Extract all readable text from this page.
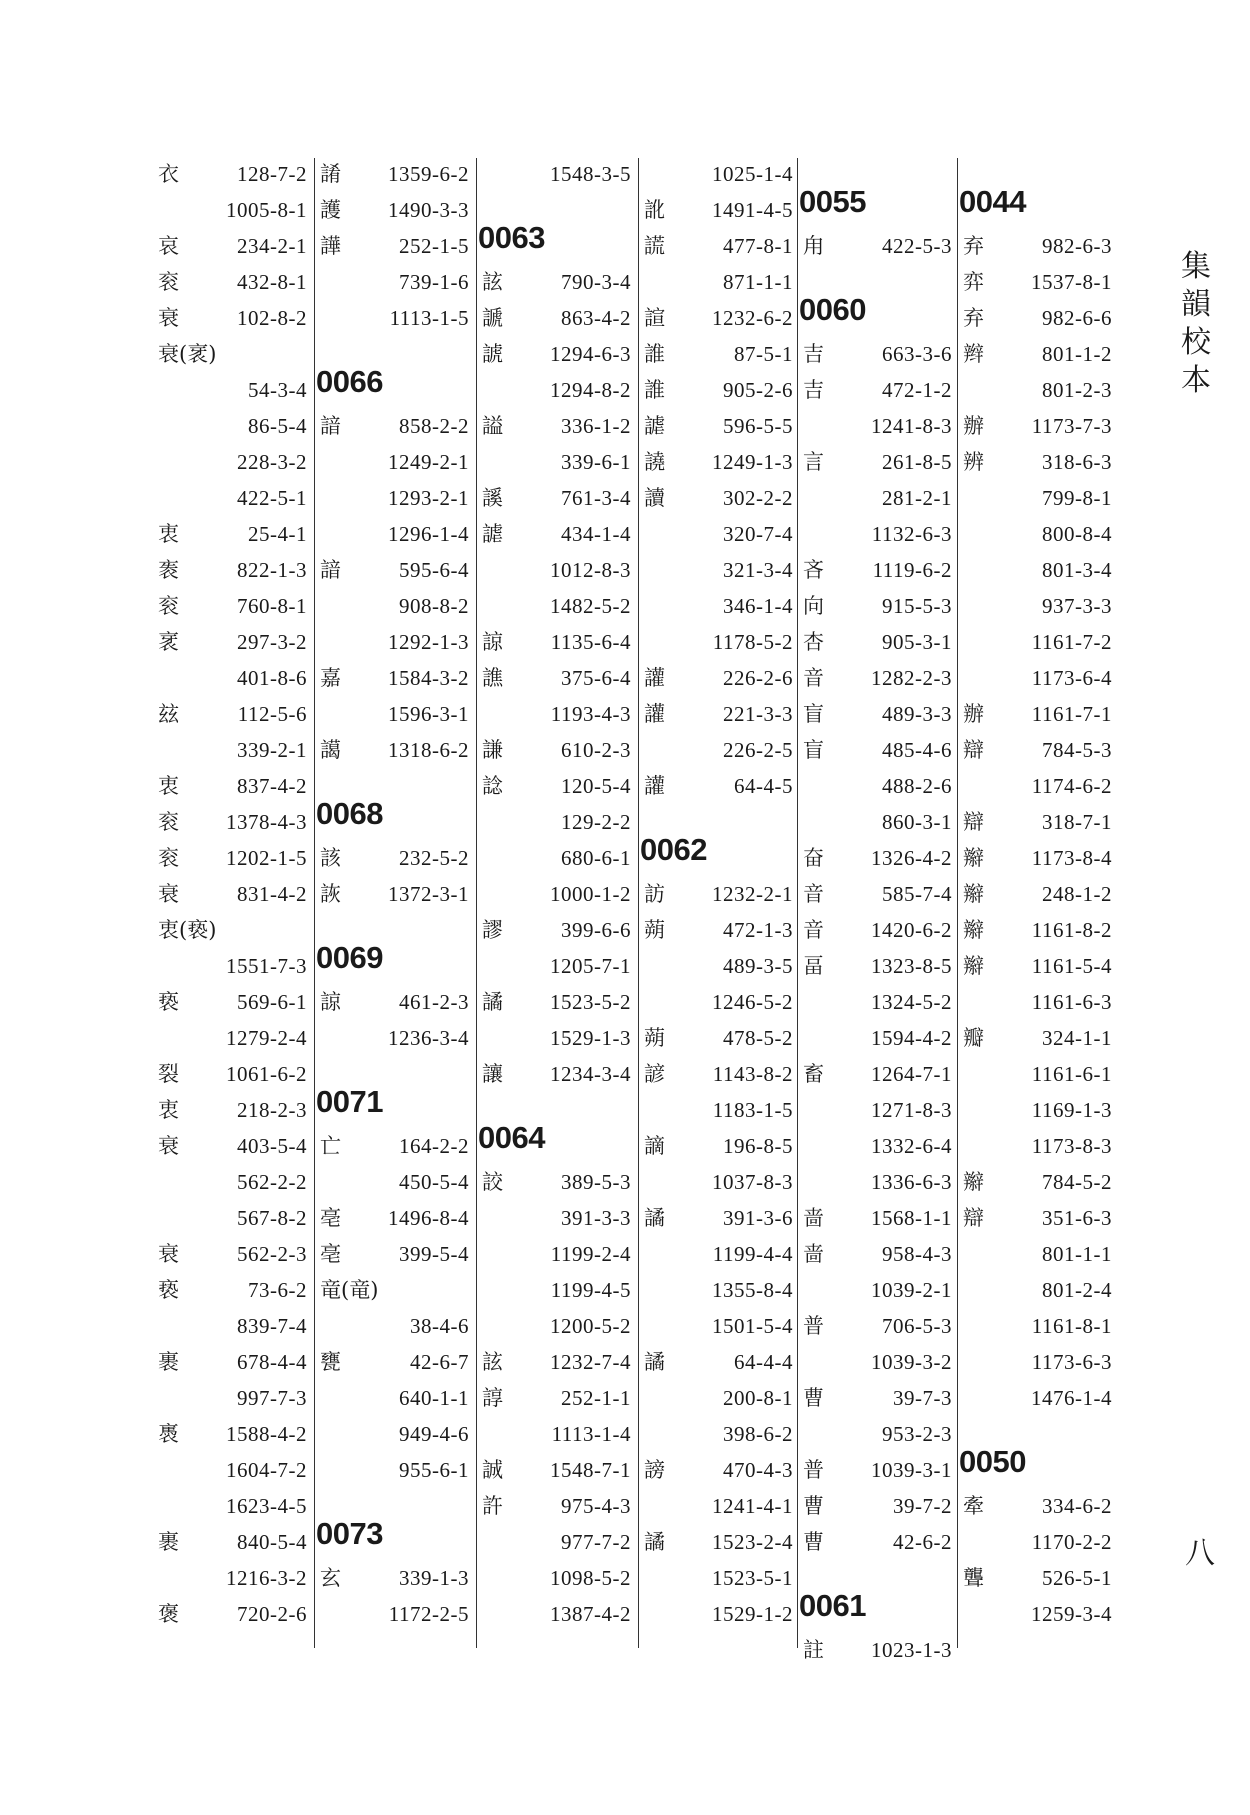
衣	128-7-2
1005-8-1
哀	234-2-1
衮	432-8-1
衰	102-8-2
衰(衺)
54-3-4
86-5-4
228-3-2
422-5-1
衷	25-4-1
袠	822-1-3
衮	760-8-1
衺	297-3-2
401-8-6
玆	112-5-6
339-2-1
衷	837-4-2
衮 1378-4-3
衮 1202-1-5
衰	831-4-2
衷(亵)
1551-7-3
亵	569-6-1
1279-2-4
裂 1061-6-2
衷	218-2-3
衰	403-5-4
562-2-2
567-8-2
衰	562-2-3
亵	73-6-2
839-7-4
裹	678-4-4
997-7-3
褭 1588-4-2
1604-7-2
1623-4-5
裹	840-5-4
1216-3-2
褒	720-2-6
誵 1359-6-2
護 1490-3-3
譁	252-1-5
739-1-6
1113-1-5
0066
諳	858-2-2
1249-2-1
1293-2-1
1296-1-4
諳	595-6-4
908-8-2
1292-1-3
嘉 1584-3-2
1596-3-1
譪 1318-6-2
0068
該	232-5-2
詼 1372-3-1
0069
諒	461-2-3
1236-3-4
0071
亡	164-2-2
450-5-4
亳 1496-8-4
亳	399-5-4
竜(竜)
38-4-6
甕	42-6-7
640-1-1
949-4-6
955-6-1
0073
玄	339-1-3
1172-2-5
1548-3-5
0063
詃	790-3-4
謕	863-4-2
諕 1294-6-3
1294-8-2
謚	336-1-2
339-6-1
謑	761-3-4
謔	434-1-4
1012-8-3
1482-5-2
諒 1135-6-4
譙	375-6-4
1193-4-3
謙	610-2-3
諗	120-5-4
129-2-2
680-6-1
1000-1-2
謬	399-6-6
1205-7-1
譎 1523-5-2
1529-1-3
讓 1234-3-4
0064
詨	389-5-3
391-3-3
1199-2-4
1199-4-5
1200-5-2
詃 1232-7-4
諄	252-1-1
1113-1-4
誠 1548-7-1
許	975-4-3
977-7-2
1098-5-2
1387-4-2
1025-1-4
訛 1491-4-5
謊	477-8-1
871-1-1
諠 1232-6-2
誰	87-5-1
誰	905-2-6
謔	596-5-5
譊 1249-1-3
讀	302-2-2
320-7-4
321-3-4
346-1-4
1178-5-2
讙	226-2-6
讙	221-3-3
226-2-5
讙	64-4-5
0062
訪 1232-2-1
蒴	472-1-3
489-3-5
1246-5-2
蒴	478-5-2
諺 1143-8-2
1183-1-5
謫	196-8-5
1037-8-3
譎	391-3-6
1199-4-4
1355-8-4
1501-5-4
譎	64-4-4
200-8-1
398-6-2
謗	470-4-3
1241-4-1
譎 1523-2-4
1523-5-1
1529-1-2
0055
甪	422-5-3
0060
吉	663-3-6
吉	472-1-2
1241-8-3
言	261-8-5
281-2-1
1132-6-3
吝 1119-6-2
向	915-5-3
杏	905-3-1
音 1282-2-3
盲	489-3-3
盲	485-4-6
488-2-6
860-3-1
奋 1326-4-2
音	585-7-4
音 1420-6-2
畐 1323-8-5
1324-5-2
1594-4-2
畜 1264-7-1
1271-8-3
1332-6-4
1336-6-3
啬 1568-1-1
啬	958-4-3
1039-2-1
普	706-5-3
1039-3-2
曹	39-7-3
953-2-3
普 1039-3-1
曹	39-7-2
曹	42-6-2
0061
註 1023-1-3
0044
弃	982-6-3
弈 1537-8-1
弃	982-6-6
辫	801-1-2
801-2-3
辦 1173-7-3
辨	318-6-3
799-8-1
800-8-4
801-3-4
937-3-3
1161-7-2
1173-6-4
辦 1161-7-1
辯	784-5-3
1174-6-2
辯	318-7-1
辮 1173-8-4
辮	248-1-2
辮 1161-8-2
辮 1161-5-4
1161-6-3
瓣	324-1-1
1161-6-1
1169-1-3
1173-8-3
辮	784-5-2
辯	351-6-3
801-1-1
801-2-4
1161-8-1
1173-6-3
1476-1-4
0050
牽	334-6-2
1170-2-2
聾	526-5-1
1259-3-4
集韻校本
八
